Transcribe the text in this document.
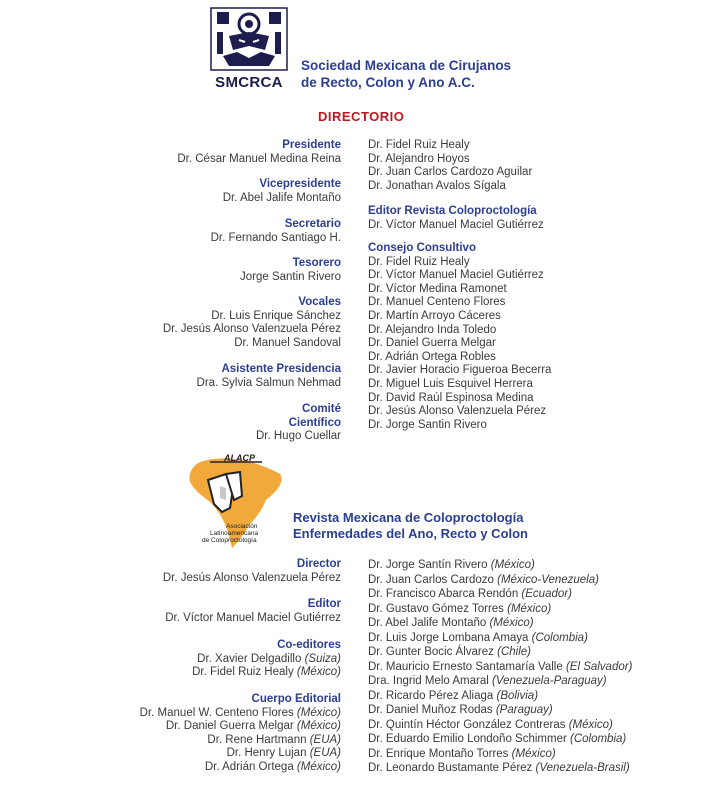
SMCRCA
Sociedad Mexicana de Cirujanos
de Recto, Colon y Ano A.C.
DIRECTORIO
Presidente
Dr. César Manuel Medina Reina
Vicepresidente
Dr. Abel Jalife Montaño
Secretario
Dr. Fernando Santiago H.
Tesorero
Jorge Santin Rivero
Vocales
Dr. Luis Enrique Sánchez
Dr. Jesús Alonso Valenzuela Pérez
Dr. Manuel Sandoval
Asistente Presidencia
Dra. Sylvia Salmun Nehmad
Comité Científico
Dr. Hugo Cuellar
Dr. Fidel Ruiz Healy
Dr. Alejandro Hoyos
Dr. Juan Carlos Cardozo Aguilar
Dr. Jonathan Avalos Sígala
Editor Revista Coloproctología
Dr. Víctor Manuel Maciel Gutiérrez
Consejo Consultivo
Dr. Fidel Ruiz Healy
Dr. Víctor Manuel Maciel Gutiérrez
Dr. Víctor Medina Ramonet
Dr. Manuel Centeno Flores
Dr. Martín Arroyo Cáceres
Dr. Alejandro Inda Toledo
Dr. Daniel Guerra Melgar
Dr. Adrián Ortega Robles
Dr. Javier Horacio Figueroa Becerra
Dr. Miguel Luis Esquivel Herrera
Dr. David Raúl Espinosa Medina
Dr. Jesús Alonso Valenzuela Pérez
Dr. Jorge Santin Rivero
ALACP
Asociación
Latinoamericana
de Coloproctología
Revista Mexicana de Coloproctología
Enfermedades del Ano, Recto y Colon
Director
Dr. Jesús Alonso Valenzuela Pérez
Editor
Dr. Víctor Manuel Maciel Gutiérrez
Co-editores
Dr. Xavier Delgadillo (Suiza)
Dr. Fidel Ruiz Healy (México)
Cuerpo Editorial
Dr. Manuel W. Centeno Flores (México)
Dr. Daniel Guerra Melgar (México)
Dr. Rene Hartmann (EUA)
Dr. Henry Lujan (EUA)
Dr. Adrián Ortega (México)
Dr. Jorge Santín Rivero (México)
Dr. Juan Carlos Cardozo (México-Venezuela)
Dr. Francisco Abarca Rendón (Ecuador)
Dr. Gustavo Gómez Torres (México)
Dr. Abel Jalife Montaño (México)
Dr. Luis Jorge Lombana Amaya (Colombia)
Dr. Gunter Bocic Álvarez (Chile)
Dr. Mauricio Ernesto Santamaría Valle (El Salvador)
Dra. Ingrid Melo Amaral (Venezuela-Paraguay)
Dr. Ricardo Pérez Aliaga (Bolivia)
Dr. Daniel Muñoz Rodas (Paraguay)
Dr. Quintín Héctor González Contreras (México)
Dr. Eduardo Emilio Londoño Schimmer (Colombia)
Dr. Enrique Montaño Torres (México)
Dr. Leonardo Bustamante Pérez (Venezuela-Brasil)
